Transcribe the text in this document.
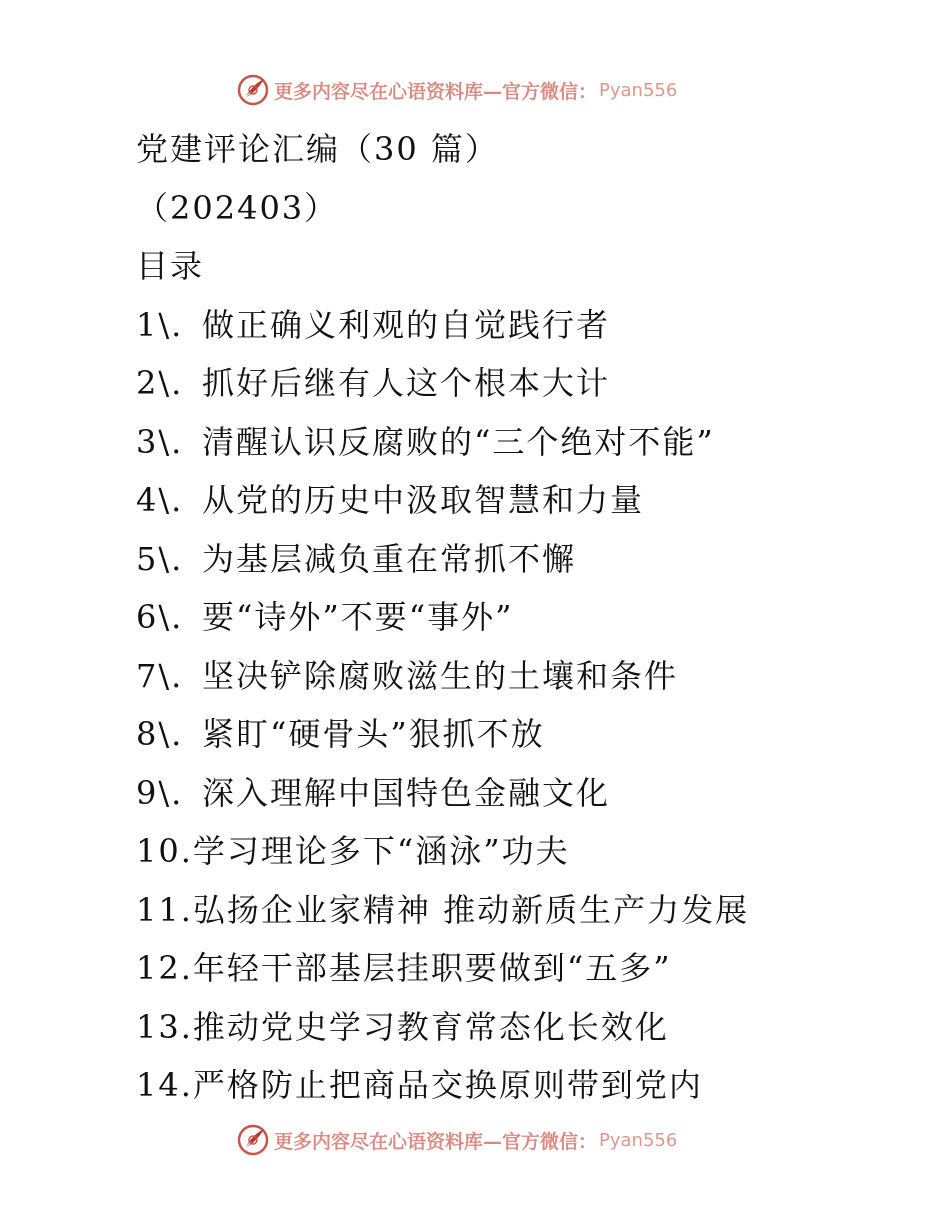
更多内容尽在心语资料库—官方微信： Pyan556

党建评论汇编（30 篇）

（202403）

目录

1\. 做正确义利观的自觉践行者
2\. 抓好后继有人这个根本大计
3\. 清醒认识反腐败的“三个绝对不能”
4\. 从党的历史中汲取智慧和力量
5\. 为基层减负重在常抓不懈
6\. 要“诗外”不要“事外”
7\. 坚决铲除腐败滋生的土壤和条件
8\. 紧盯“硬骨头”狠抓不放
9\. 深入理解中国特色金融文化
10. 学习理论多下“涵泳”功夫
11. 弘扬企业家精神 推动新质生产力发展
12. 年轻干部基层挂职要做到“五多”
13. 推动党史学习教育常态化长效化
14. 严格防止把商品交换原则带到党内
更多内容尽在心语资料库—官方微信： Pyan556
